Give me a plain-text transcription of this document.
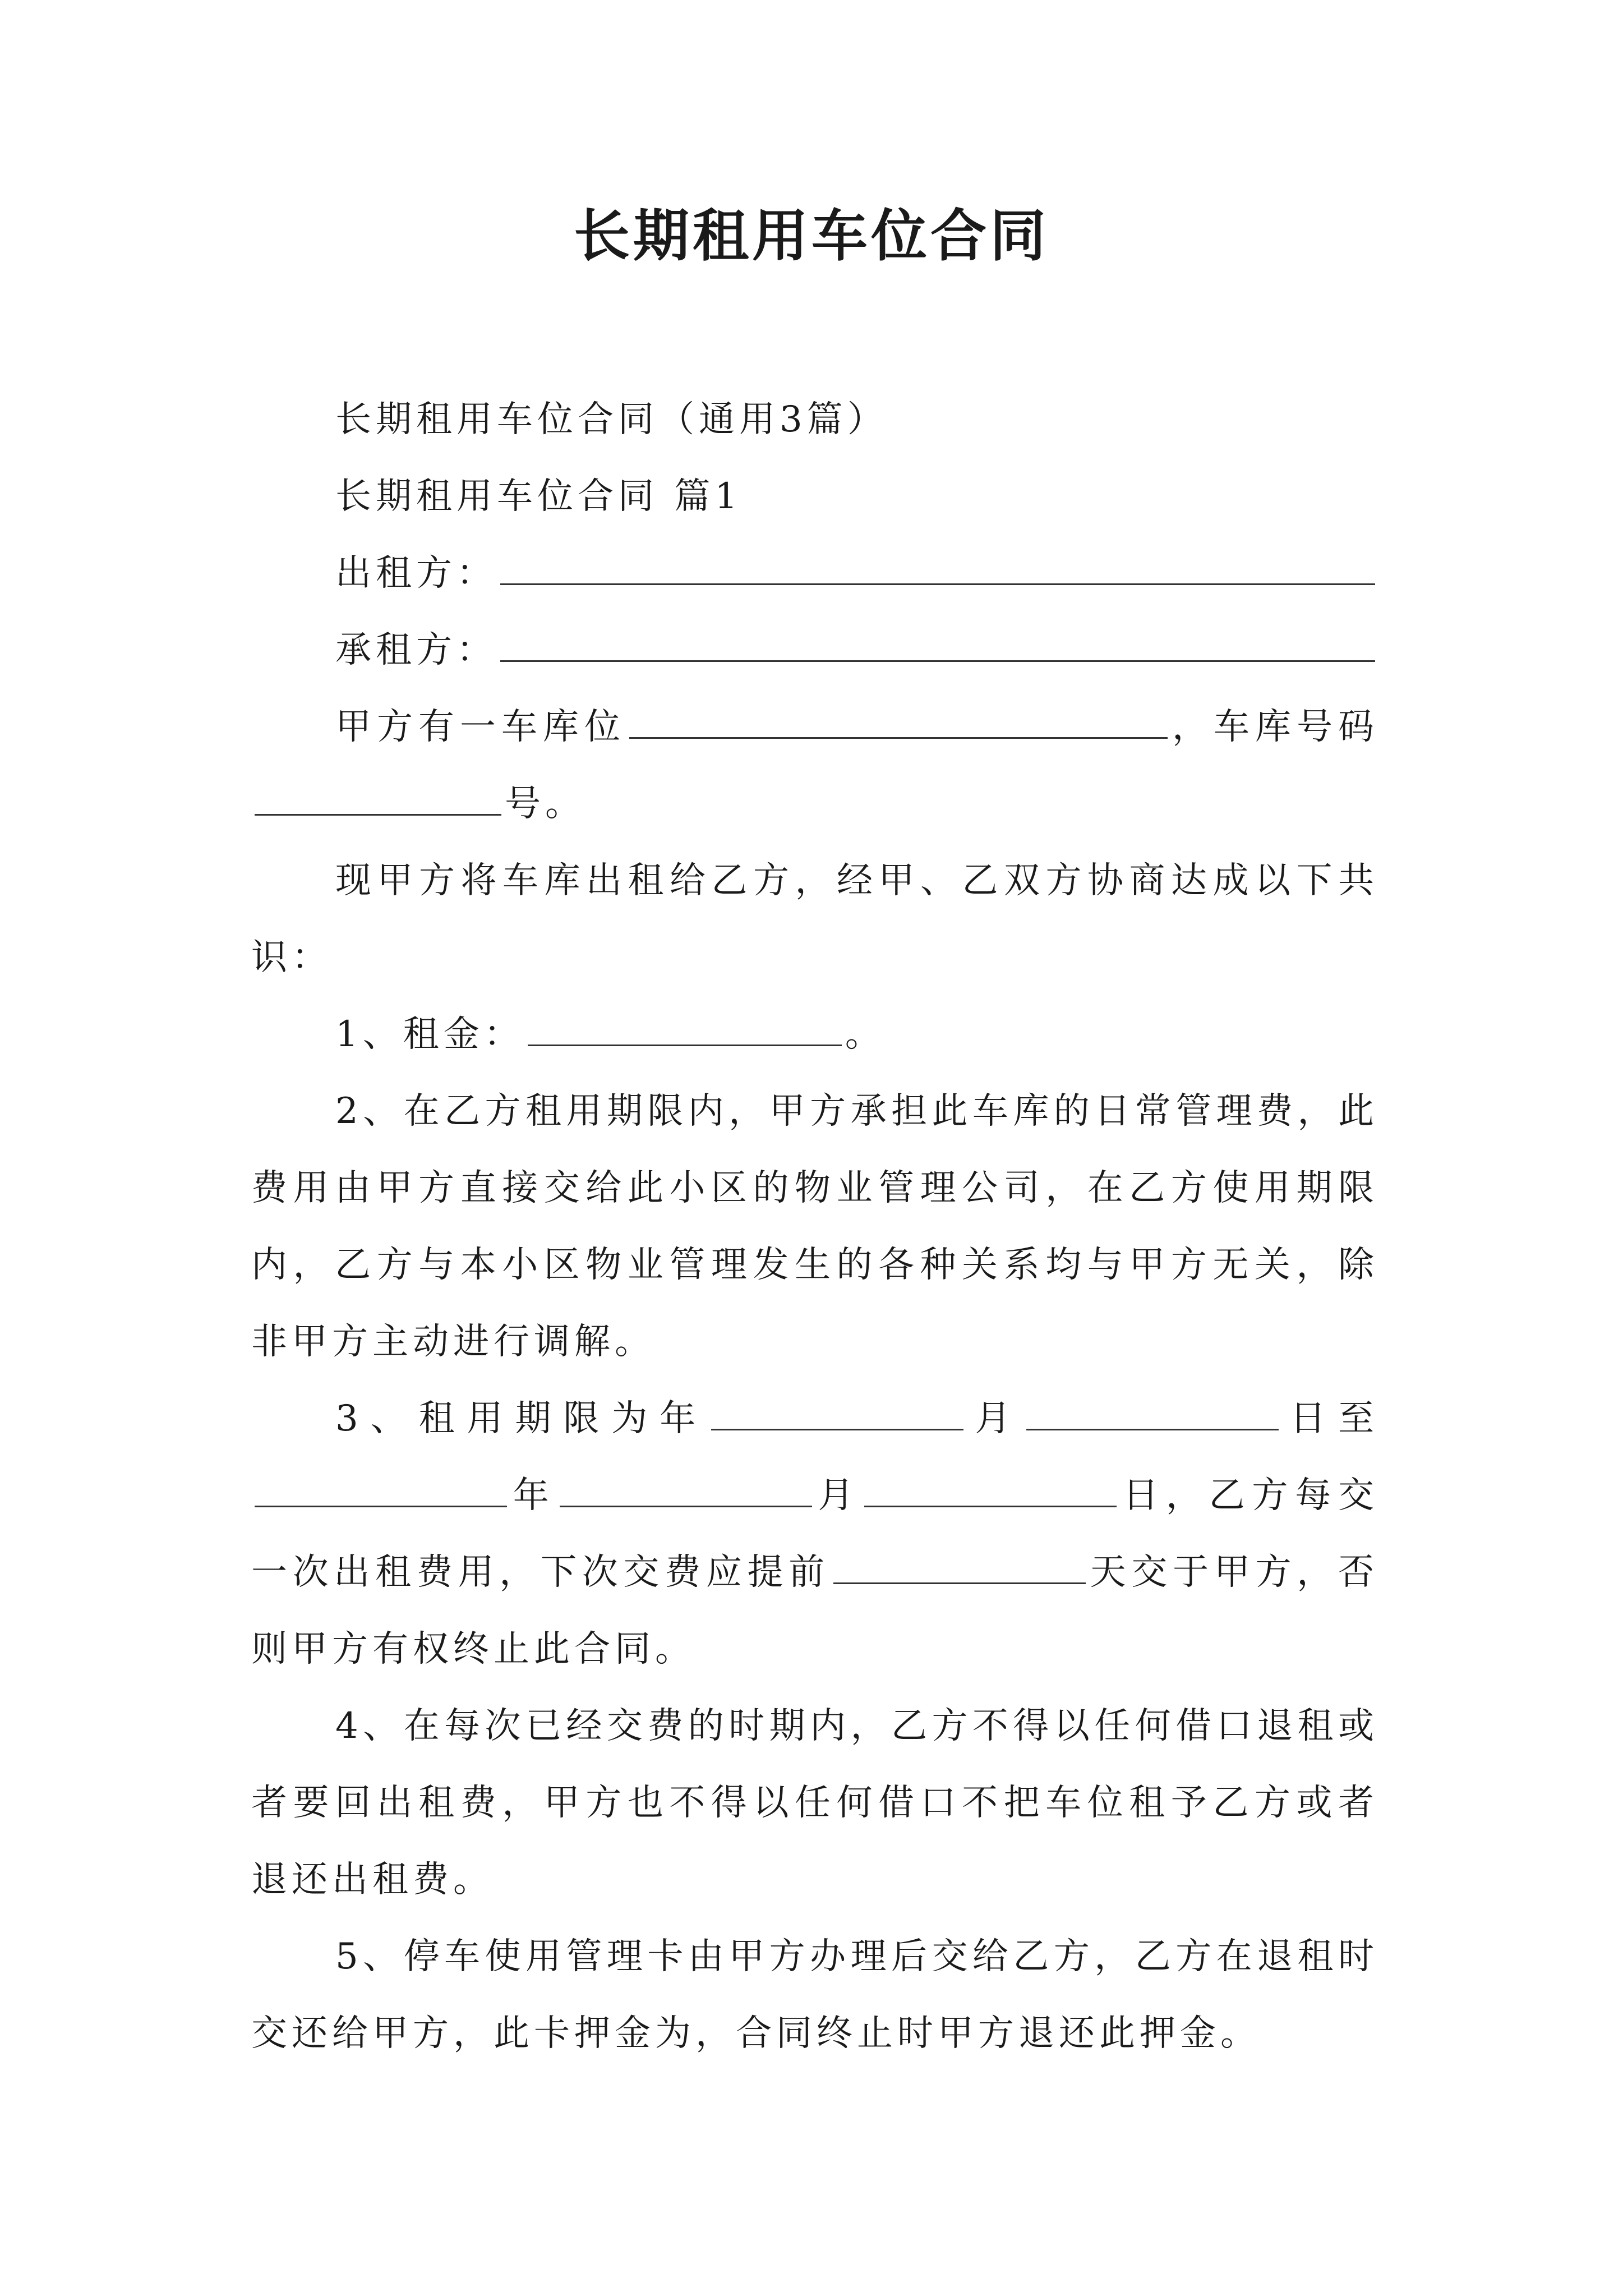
长期租用车位合同

长期租用车位合同（通用3篇）

长期租用车位合同 篇1

出租方：

承租方：

甲方有一车库位	，车库号码号。

现甲方将车库出租给乙方，经甲、乙双方协商达成以下共识：

1、租金：	。

2、在乙方租用期限内，甲方承担此车库的日常管理费，此费用由甲方直接交给此小区的物业管理公司，在乙方使用期限内，乙方与本小区物业管理发生的各种关系均与甲方无关，除非甲方主动进行调解。

3、租用期限为年	月	日至年	月	日，乙方每交一次出租费用，下次交费应提前	天交于甲方，否则甲方有权终止此合同。

4、在每次已经交费的时期内，乙方不得以任何借口退租或者要回出租费，甲方也不得以任何借口不把车位租予乙方或者退还出租费。

5、停车使用管理卡由甲方办理后交给乙方，乙方在退租时交还给甲方，此卡押金为，合同终止时甲方退还此押金。
